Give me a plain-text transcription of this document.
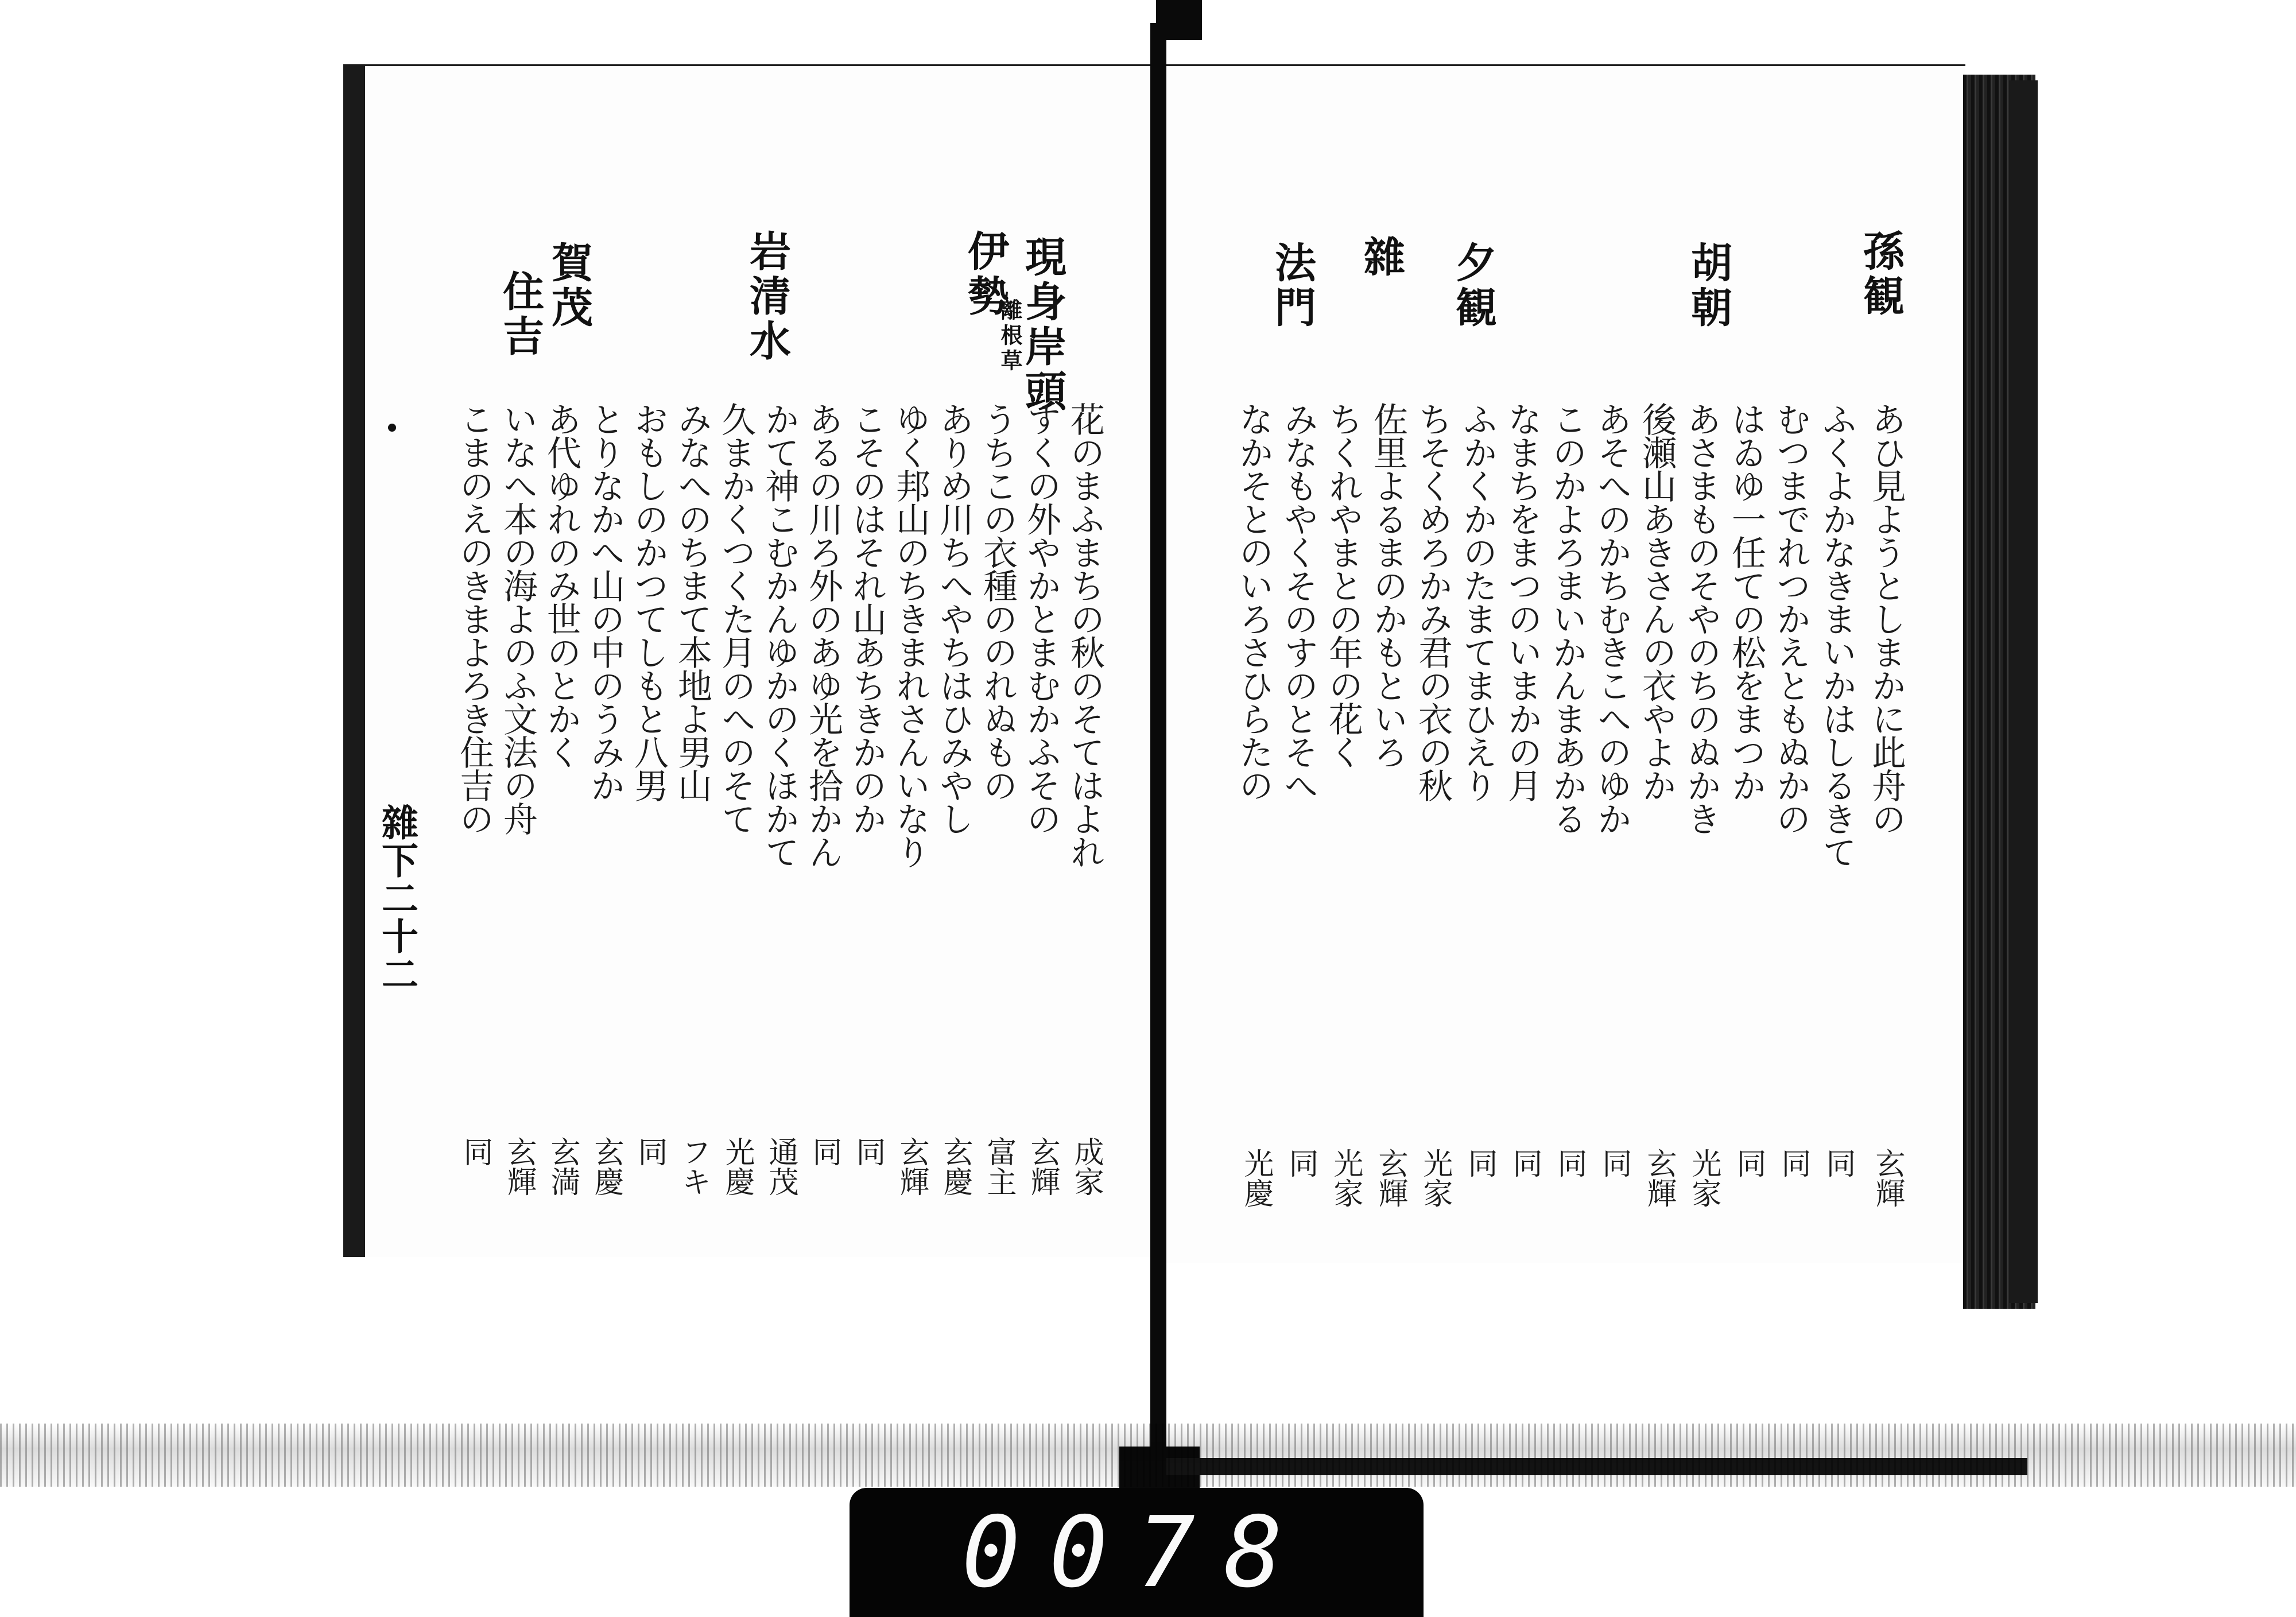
孫観
胡朝
夕観
雜
法門
あひ見ようとしまかに此舟の
ふくよかなきまいかはしるきて
むつまでれつかえともぬかの
はゐゆ一任ての松をまつか
あさまものそやのちのぬかき
後瀬山あきさんの衣やよか
あそへのかちむきこへのゆか
このかよろまいかんまあかる
なまちをまつのいまかの月
ふかくかのたまてまひえり
ちそくめろかみ君の衣の秋
佐里よるまのかもといろ
ちくれやまとの年の花く
みなもやくそのすのとそへ
なかそとのいろさひらたの
玄輝
同
同
同
光家
玄輝
同
同
同
同
光家
玄輝
光家
同
光慶
現身岸頭
離根草
伊勢
岩清水
賀茂
住吉
花のまふまちの秋のそてはよれ
すくの外やかとまむかふその
うちこの衣種ののれぬもの
ありめ川ちへやちはひみやし
ゆく邦山のちきまれさんいなり
こそのはそれ山あちきかのか
あるの川ろ外のあゆ光を拾かん
かて神こむかんゆかのくほかて
久まかくつくた月のへのそて
みなへのちまて本地よ男山
おもしのかつてしもと八男
とりなかへ山の中のうみか
あ代ゆれのみ世のとかく
いなへ本の海よのふ文法の舟
こまのえのきまよろき住吉の
成家
玄輝
富主
玄慶
玄輝
同
同
通茂
光慶
フキ
同
玄慶
玄満
玄輝
同
雜下二十二
0078
